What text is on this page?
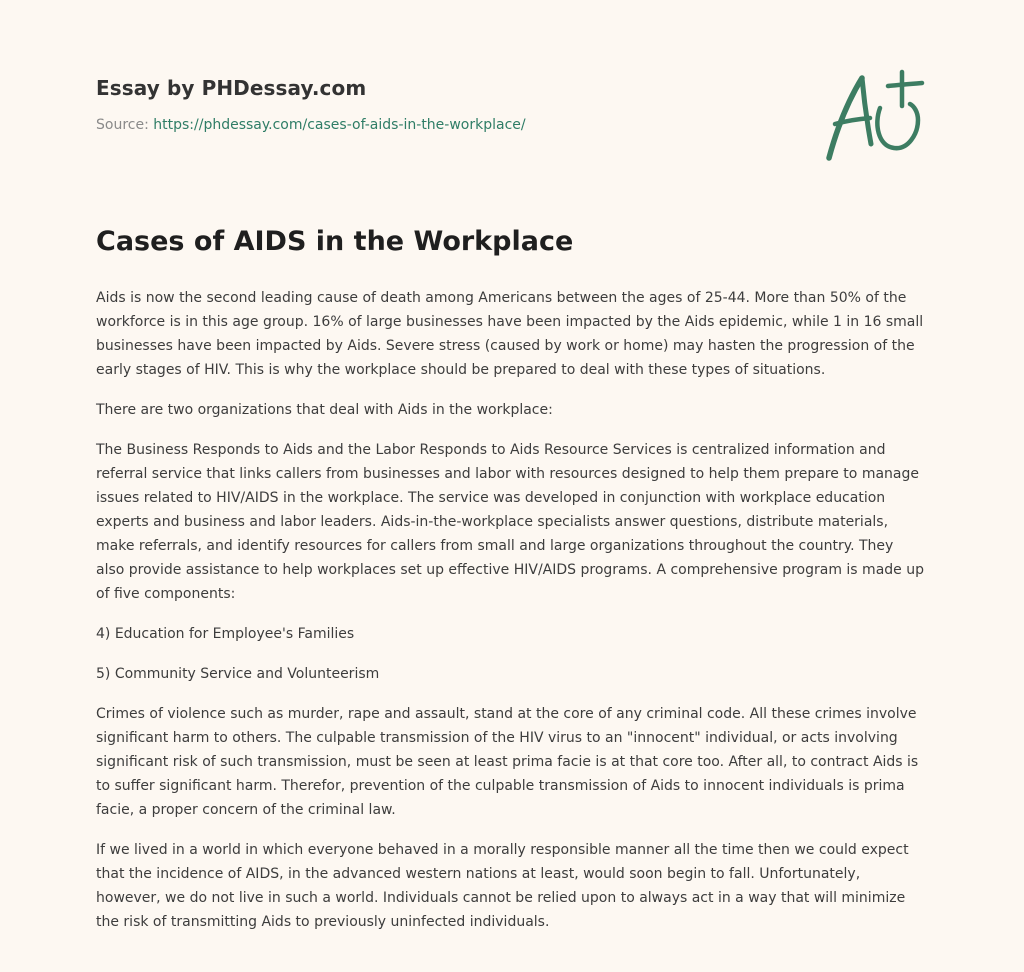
Essay by PHDessay.com
Source: https://phdessay.com/cases-of-aids-in-the-workplace/
Cases of AIDS in the Workplace

Aids is now the second leading cause of death among Americans between the ages of 25-44. More than 50% of the workforce is in this age group. 16% of large businesses have been impacted by the Aids epidemic, while 1 in 16 small businesses have been impacted by Aids. Severe stress (caused by work or home) may hasten the progression of the early stages of HIV. This is why the workplace should be prepared to deal with these types of situations.

There are two organizations that deal with Aids in the workplace:

The Business Responds to Aids and the Labor Responds to Aids Resource Services is centralized information and referral service that links callers from businesses and labor with resources designed to help them prepare to manage issues related to HIV/AIDS in the workplace. The service was developed in conjunction with workplace education experts and business and labor leaders. Aids-in-the-workplace specialists answer questions, distribute materials, make referrals, and identify resources for callers from small and large organizations throughout the country. They also provide assistance to help workplaces set up effective HIV/AIDS programs. A comprehensive program is made up of five components:

4) Education for Employee's Families

5) Community Service and Volunteerism

Crimes of violence such as murder, rape and assault, stand at the core of any criminal code. All these crimes involve significant harm to others. The culpable transmission of the HIV virus to an "innocent" individual, or acts involving significant risk of such transmission, must be seen at least prima facie is at that core too. After all, to contract Aids is to suffer significant harm. Therefor, prevention of the culpable transmission of Aids to innocent individuals is prima facie, a proper concern of the criminal law.

If we lived in a world in which everyone behaved in a morally responsible manner all the time then we could expect that the incidence of AIDS, in the advanced western nations at least, would soon begin to fall. Unfortunately, however, we do not live in such a world. Individuals cannot be relied upon to always act in a way that will minimize the risk of transmitting Aids to previously uninfected individuals.
